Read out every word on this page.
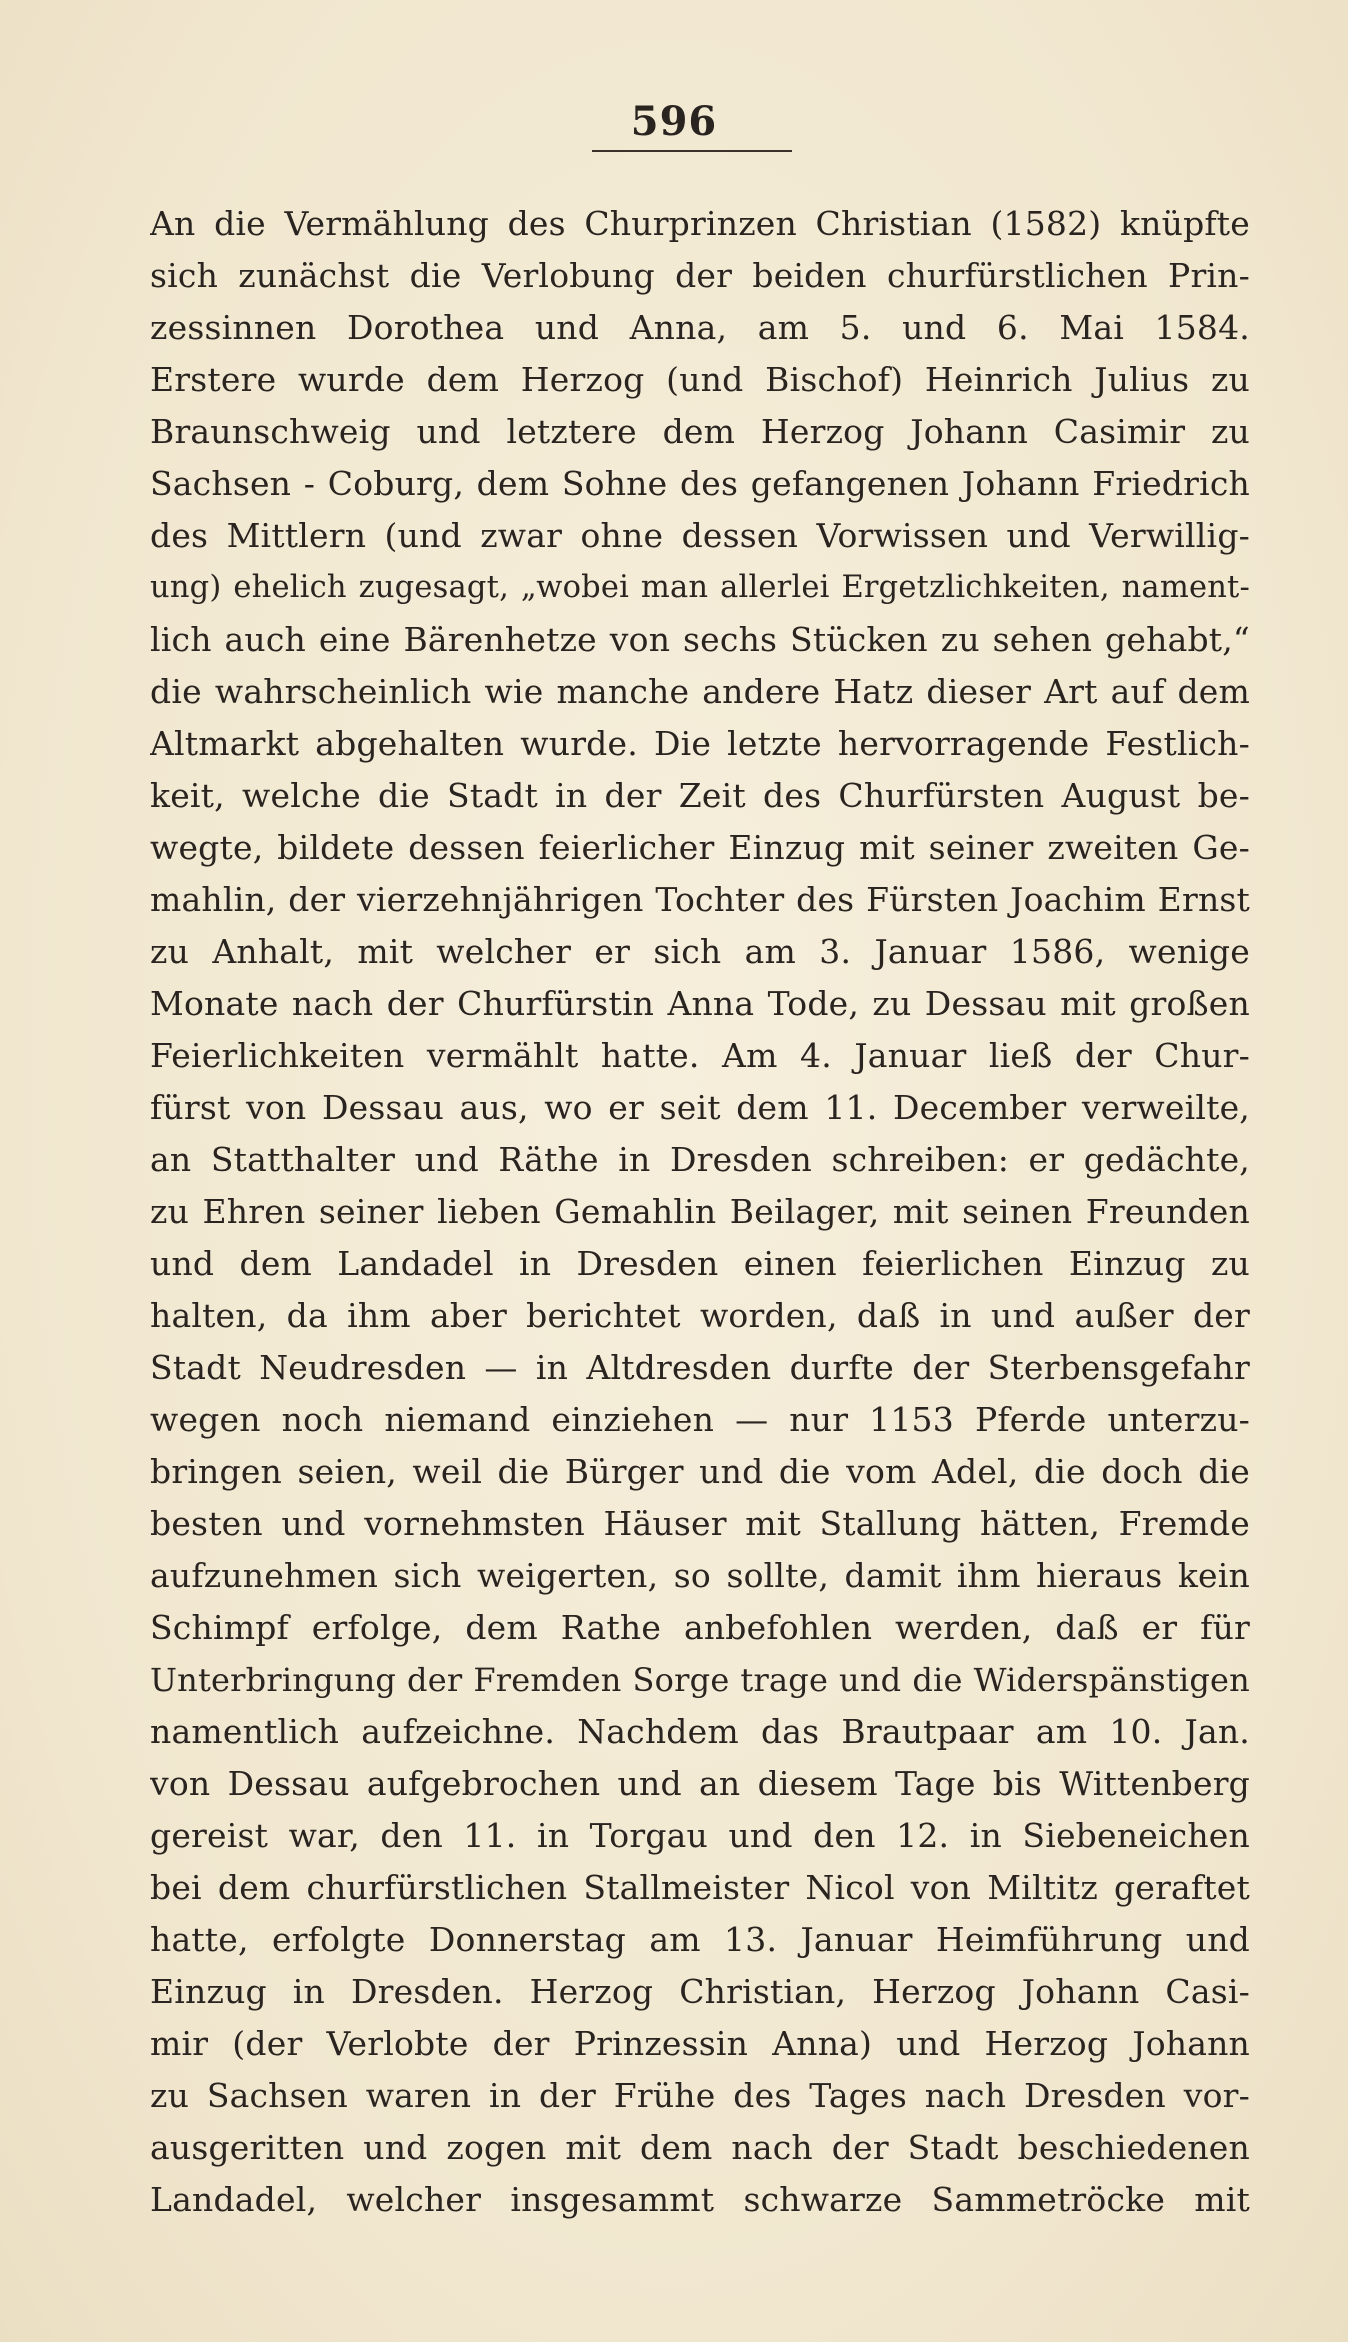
596
An die Vermählung des Churprinzen Christian (1582) knüpfte
sich zunächst die Verlobung der beiden churfürstlichen Prin-
zessinnen Dorothea und Anna, am 5. und 6. Mai 1584.
Erstere wurde dem Herzog (und Bischof) Heinrich Julius zu
Braunschweig und letztere dem Herzog Johann Casimir zu
Sachsen - Coburg, dem Sohne des gefangenen Johann Friedrich
des Mittlern (und zwar ohne dessen Vorwissen und Verwillig-
ung) ehelich zugesagt, „wobei man allerlei Ergetzlichkeiten, nament-
lich auch eine Bärenhetze von sechs Stücken zu sehen gehabt,“
die wahrscheinlich wie manche andere Hatz dieser Art auf dem
Altmarkt abgehalten wurde. Die letzte hervorragende Festlich-
keit, welche die Stadt in der Zeit des Churfürsten August be-
wegte, bildete dessen feierlicher Einzug mit seiner zweiten Ge-
mahlin, der vierzehnjährigen Tochter des Fürsten Joachim Ernst
zu Anhalt, mit welcher er sich am 3. Januar 1586, wenige
Monate nach der Churfürstin Anna Tode, zu Dessau mit großen
Feierlichkeiten vermählt hatte. Am 4. Januar ließ der Chur-
fürst von Dessau aus, wo er seit dem 11. December verweilte,
an Statthalter und Räthe in Dresden schreiben: er gedächte,
zu Ehren seiner lieben Gemahlin Beilager, mit seinen Freunden
und dem Landadel in Dresden einen feierlichen Einzug zu
halten, da ihm aber berichtet worden, daß in und außer der
Stadt Neudresden — in Altdresden durfte der Sterbensgefahr
wegen noch niemand einziehen — nur 1153 Pferde unterzu-
bringen seien, weil die Bürger und die vom Adel, die doch die
besten und vornehmsten Häuser mit Stallung hätten, Fremde
aufzunehmen sich weigerten, so sollte, damit ihm hieraus kein
Schimpf erfolge, dem Rathe anbefohlen werden, daß er für
Unterbringung der Fremden Sorge trage und die Widerspänstigen
namentlich aufzeichne. Nachdem das Brautpaar am 10. Jan.
von Dessau aufgebrochen und an diesem Tage bis Wittenberg
gereist war, den 11. in Torgau und den 12. in Siebeneichen
bei dem churfürstlichen Stallmeister Nicol von Miltitz geraftet
hatte, erfolgte Donnerstag am 13. Januar Heimführung und
Einzug in Dresden. Herzog Christian, Herzog Johann Casi-
mir (der Verlobte der Prinzessin Anna) und Herzog Johann
zu Sachsen waren in der Frühe des Tages nach Dresden vor-
ausgeritten und zogen mit dem nach der Stadt beschiedenen
Landadel, welcher insgesammt schwarze Sammetröcke mit
